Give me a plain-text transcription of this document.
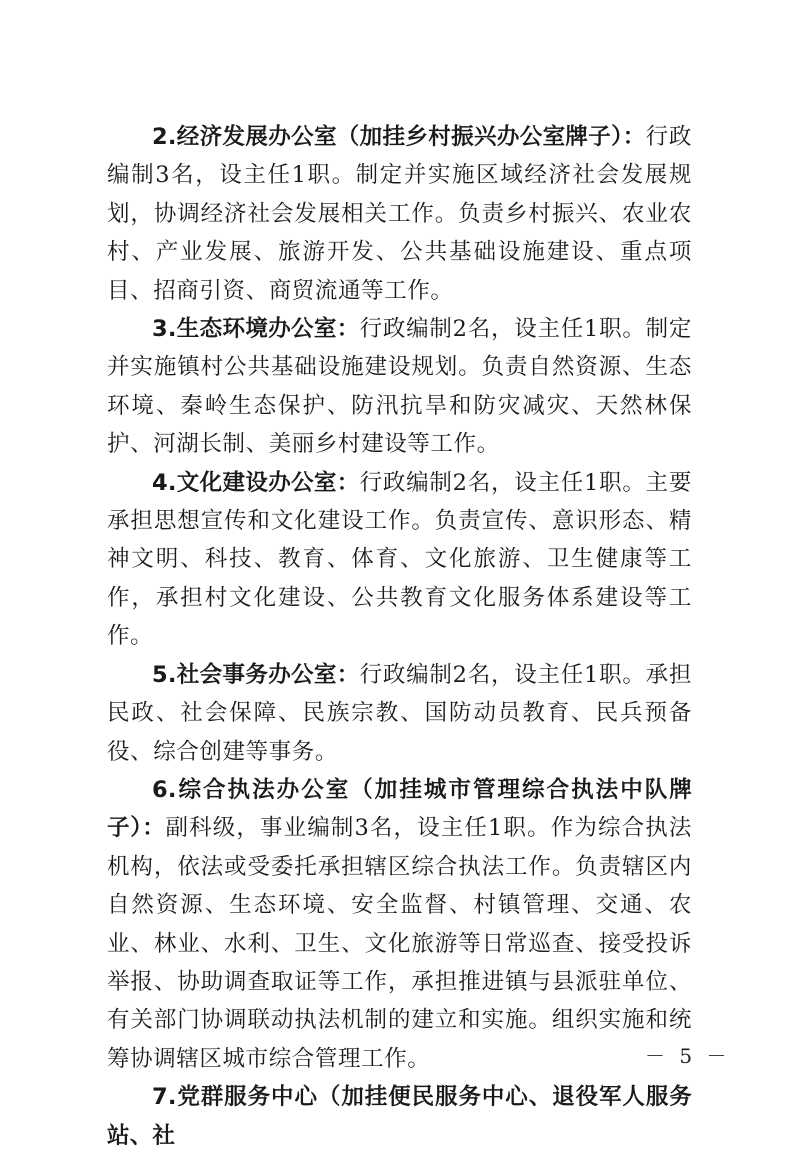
2.经济发展办公室（加挂乡村振兴办公室牌子）：行政编制3名，设主任1职。制定并实施区域经济社会发展规划，协调经济社会发展相关工作。负责乡村振兴、农业农村、产业发展、旅游开发、公共基础设施建设、重点项目、招商引资、商贸流通等工作。

3.生态环境办公室：行政编制2名，设主任1职。制定并实施镇村公共基础设施建设规划。负责自然资源、生态环境、秦岭生态保护、防汛抗旱和防灾减灾、天然林保护、河湖长制、美丽乡村建设等工作。

4.文化建设办公室：行政编制2名，设主任1职。主要承担思想宣传和文化建设工作。负责宣传、意识形态、精神文明、科技、教育、体育、文化旅游、卫生健康等工作，承担村文化建设、公共教育文化服务体系建设等工作。

5.社会事务办公室：行政编制2名，设主任1职。承担民政、社会保障、民族宗教、国防动员教育、民兵预备役、综合创建等事务。

6.综合执法办公室（加挂城市管理综合执法中队牌子）：副科级，事业编制3名，设主任1职。作为综合执法机构，依法或受委托承担辖区综合执法工作。负责辖区内自然资源、生态环境、安全监督、村镇管理、交通、农业、林业、水利、卫生、文化旅游等日常巡查、接受投诉举报、协助调查取证等工作，承担推进镇与县派驻单位、有关部门协调联动执法机制的建立和实施。组织实施和统筹协调辖区城市综合管理工作。

7.党群服务中心（加挂便民服务中心、退役军人服务站、社

－ 5 －
